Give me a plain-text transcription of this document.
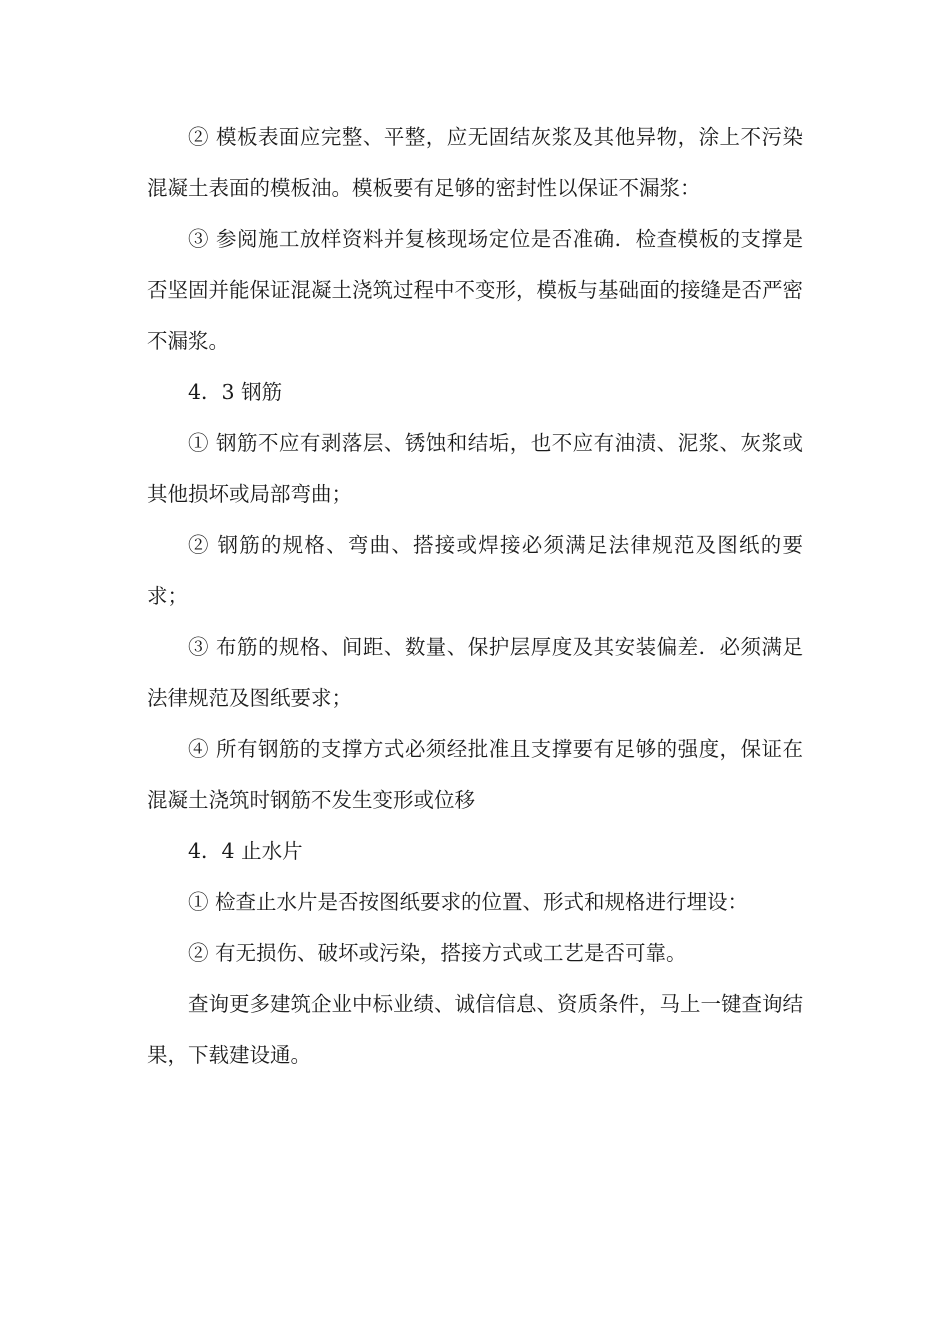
② 模板表面应完整、平整，应无固结灰浆及其他异物，涂上不污染混凝土表面的模板油。模板要有足够的密封性以保证不漏浆：

③ 参阅施工放样资料并复核现场定位是否准确．检查模板的支撑是否坚固并能保证混凝土浇筑过程中不变形，模板与基础面的接缝是否严密不漏浆。

4．3 钢筋

① 钢筋不应有剥落层、锈蚀和结垢，也不应有油渍、泥浆、灰浆或其他损坏或局部弯曲；

② 钢筋的规格、弯曲、搭接或焊接必须满足法律规范及图纸的要求；

③ 布筋的规格、间距、数量、保护层厚度及其安装偏差．必须满足法律规范及图纸要求；

④ 所有钢筋的支撑方式必须经批准且支撑要有足够的强度，保证在混凝土浇筑时钢筋不发生变形或位移

4．4 止水片

① 检查止水片是否按图纸要求的位置、形式和规格进行埋设：

② 有无损伤、破坏或污染，搭接方式或工艺是否可靠。

查询更多建筑企业中标业绩、诚信信息、资质条件，马上一键查询结果，下载建设通。
